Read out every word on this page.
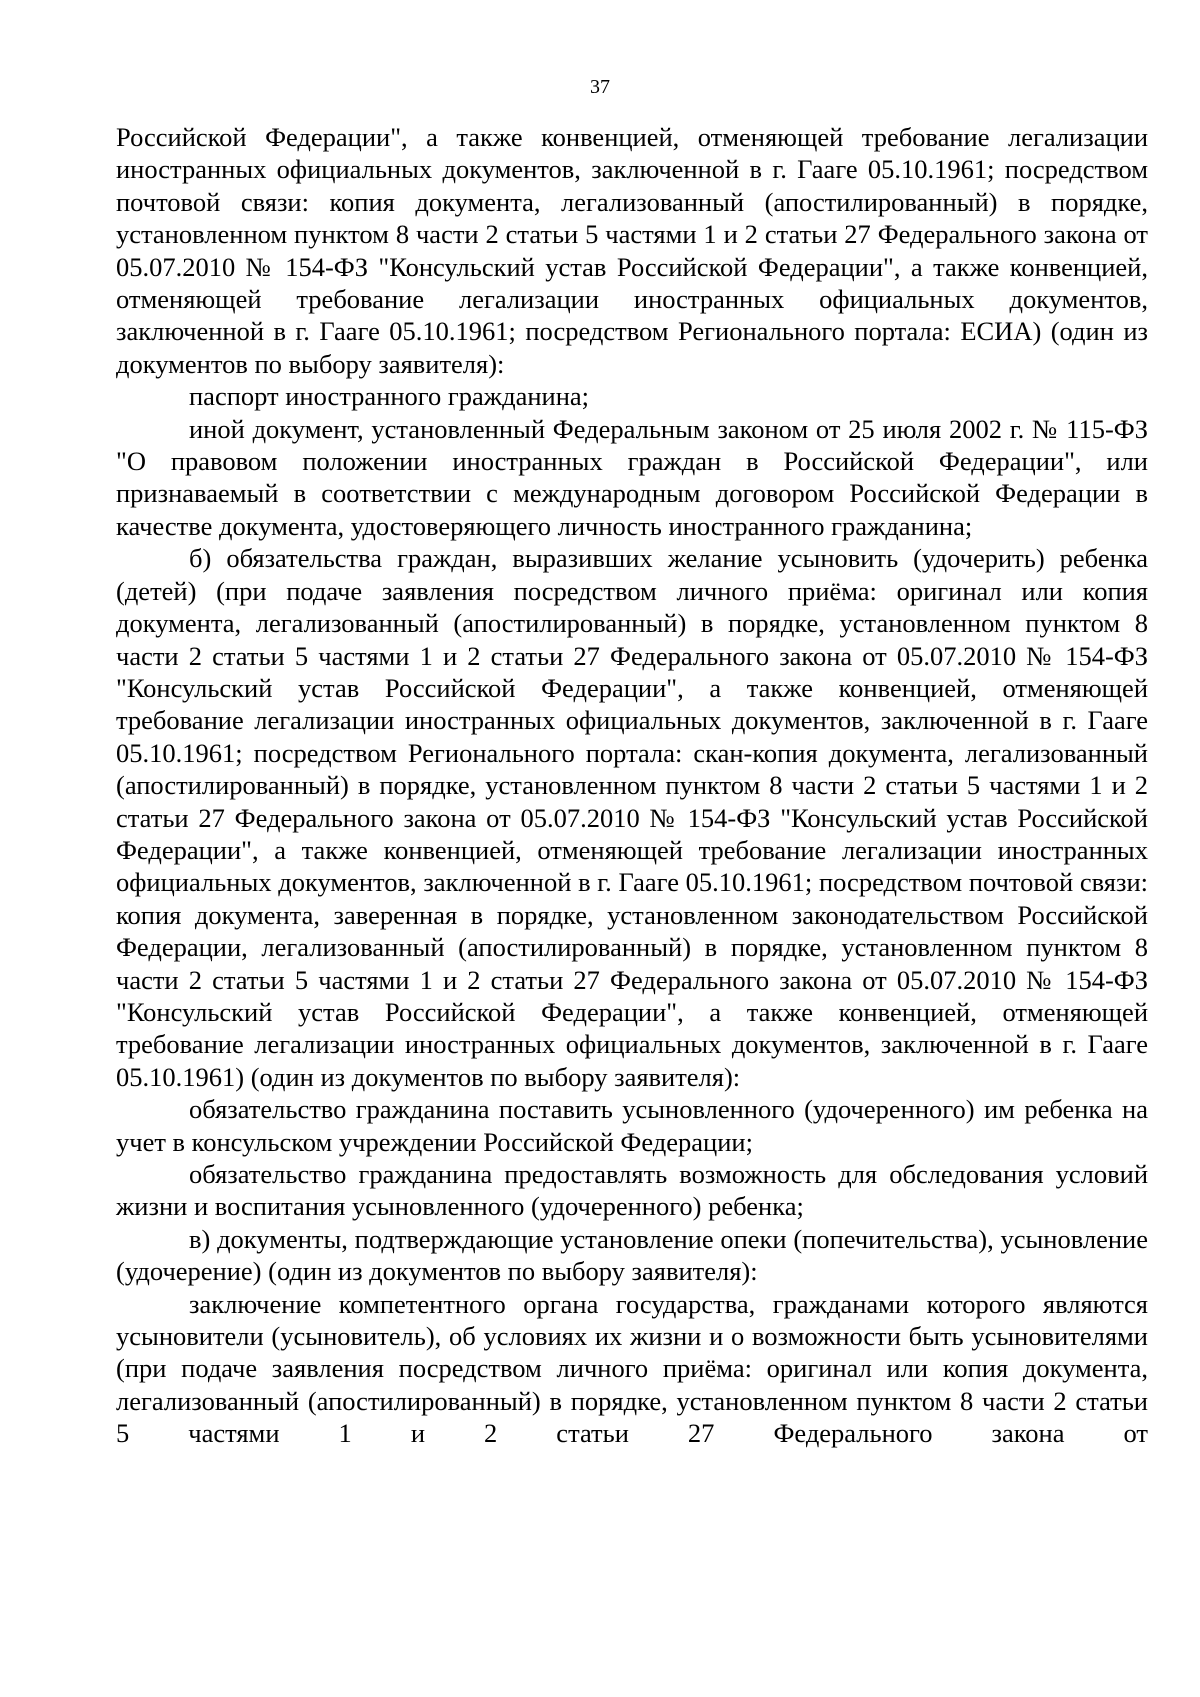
37

Российской Федерации", а также конвенцией, отменяющей требование легализации иностранных официальных документов, заключенной в г. Гааге 05.10.1961; посредством почтовой связи: копия документа, легализованный (апостилированный) в порядке, установленном пунктом 8 части 2 статьи 5 частями 1 и 2 статьи 27 Федерального закона от 05.07.2010 № 154-ФЗ "Консульский устав Российской Федерации", а также конвенцией, отменяющей требование легализации иностранных официальных документов, заключенной в г. Гааге 05.10.1961; посредством Регионального портала: ЕСИА) (один из документов по выбору заявителя):

паспорт иностранного гражданина;

иной документ, установленный Федеральным законом от 25 июля 2002 г. № 115-ФЗ "О правовом положении иностранных граждан в Российской Федерации", или признаваемый в соответствии с международным договором Российской Федерации в качестве документа, удостоверяющего личность иностранного гражданина;

б) обязательства граждан, выразивших желание усыновить (удочерить) ребенка (детей) (при подаче заявления посредством личного приёма: оригинал или копия документа, легализованный (апостилированный) в порядке, установленном пунктом 8 части 2 статьи 5 частями 1 и 2 статьи 27 Федерального закона от 05.07.2010 № 154-ФЗ "Консульский устав Российской Федерации", а также конвенцией, отменяющей требование легализации иностранных официальных документов, заключенной в г. Гааге 05.10.1961; посредством Регионального портала: скан-копия документа, легализованный (апостилированный) в порядке, установленном пунктом 8 части 2 статьи 5 частями 1 и 2 статьи 27 Федерального закона от 05.07.2010 № 154-ФЗ "Консульский устав Российской Федерации", а также конвенцией, отменяющей требование легализации иностранных официальных документов, заключенной в г. Гааге 05.10.1961; посредством почтовой связи: копия документа, заверенная в порядке, установленном законодательством Российской Федерации, легализованный (апостилированный) в порядке, установленном пунктом 8 части 2 статьи 5 частями 1 и 2 статьи 27 Федерального закона от 05.07.2010 № 154-ФЗ "Консульский устав Российской Федерации", а также конвенцией, отменяющей требование легализации иностранных официальных документов, заключенной в г. Гааге 05.10.1961) (один из документов по выбору заявителя):

обязательство гражданина поставить усыновленного (удочеренного) им ребенка на учет в консульском учреждении Российской Федерации;

обязательство гражданина предоставлять возможность для обследования условий жизни и воспитания усыновленного (удочеренного) ребенка;

в) документы, подтверждающие установление опеки (попечительства), усыновление (удочерение) (один из документов по выбору заявителя):

заключение компетентного органа государства, гражданами которого являются усыновители (усыновитель), об условиях их жизни и о возможности быть усыновителями (при подаче заявления посредством личного приёма: оригинал или копия документа, легализованный (апостилированный) в порядке, установленном пунктом 8 части 2 статьи 5 частями 1 и 2 статьи 27 Федерального закона от
